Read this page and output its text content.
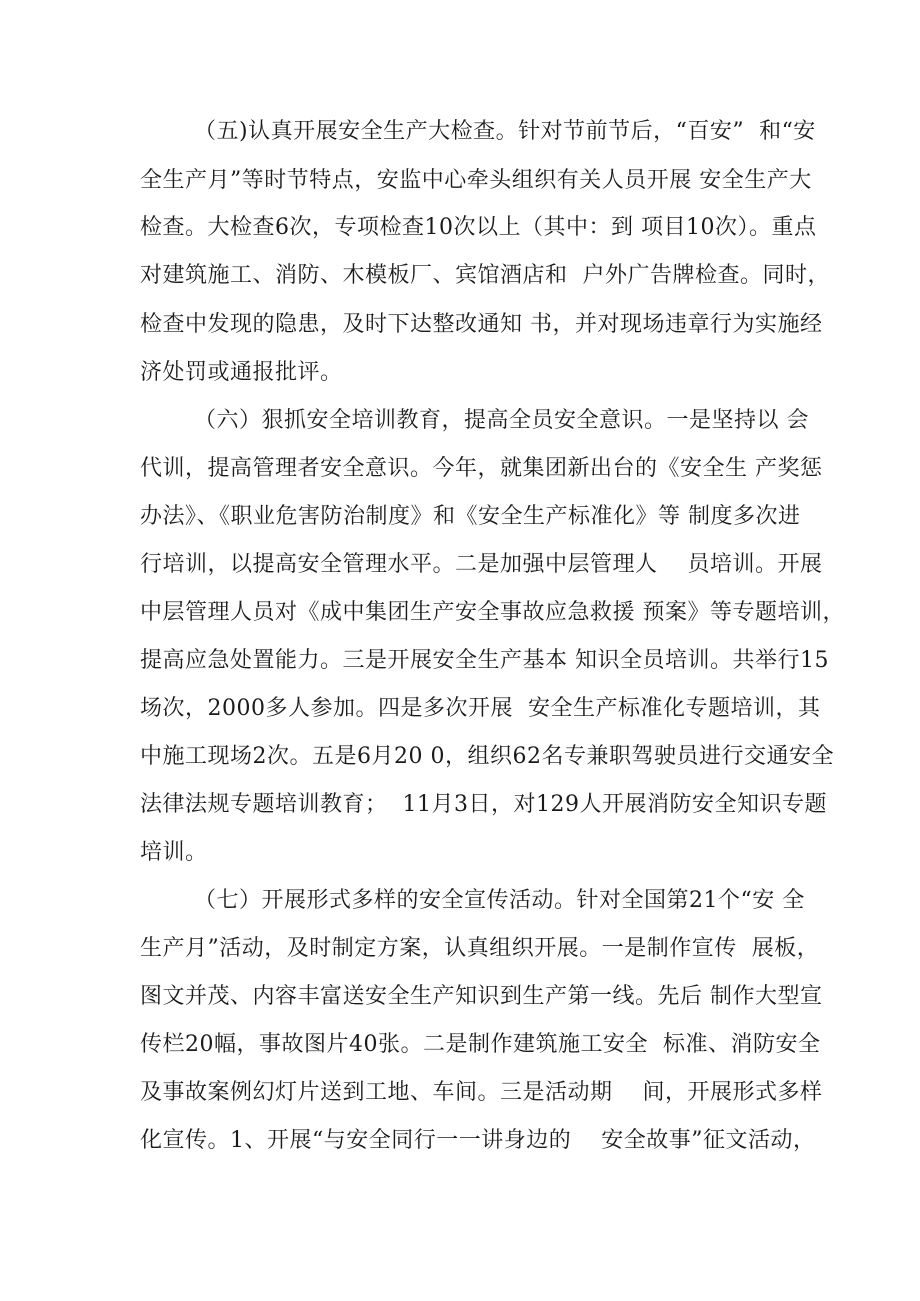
（五)认真开展安全生产大检查。针对节前节后，“百安”  和“安
全生产月”等时节特点，安监中心牵头组织有关人员开展 安全生产大
检查。大检查6次，专项检查10次以上（其中：到 项目10次）。重点
对建筑施工、消防、木模板厂、宾馆酒店和  户外广告牌检查。同时，
检查中发现的隐患，及时下达整改通知 书，并对现场违章行为实施经
济处罚或通报批评。
（六）狠抓安全培训教育，提高全员安全意识。一是坚持以 会
代训，提高管理者安全意识。今年，就集团新出台的《安全生 产奖惩
办法》、《职业危害防治制度》和《安全生产标准化》等 制度多次进
行培训，以提高安全管理水平。二是加强中层管理人    员培训。开展
中层管理人员对《成中集团生产安全事故应急救援 预案》等专题培训，
提高应急处置能力。三是开展安全生产基本 知识全员培训。共举行15
场次，2000多人参加。四是多次开展  安全生产标准化专题培训，其
中施工现场2次。五是6月20 0，组织62名专兼职驾驶员进行交通安全
法律法规专题培训教育；  11月3日，对129人开展消防安全知识专题
培训。
（七）开展形式多样的安全宣传活动。针对全国第21个“安 全
生产月”活动，及时制定方案，认真组织开展。一是制作宣传  展板，
图文并茂、内容丰富送安全生产知识到生产第一线。先后 制作大型宣
传栏20幅，事故图片40张。二是制作建筑施工安全  标准、消防安全
及事故案例幻灯片送到工地、车间。三是活动期    间，开展形式多样
化宣传。1、开展“与安全同行一一讲身边的    安全故事”征文活动，
